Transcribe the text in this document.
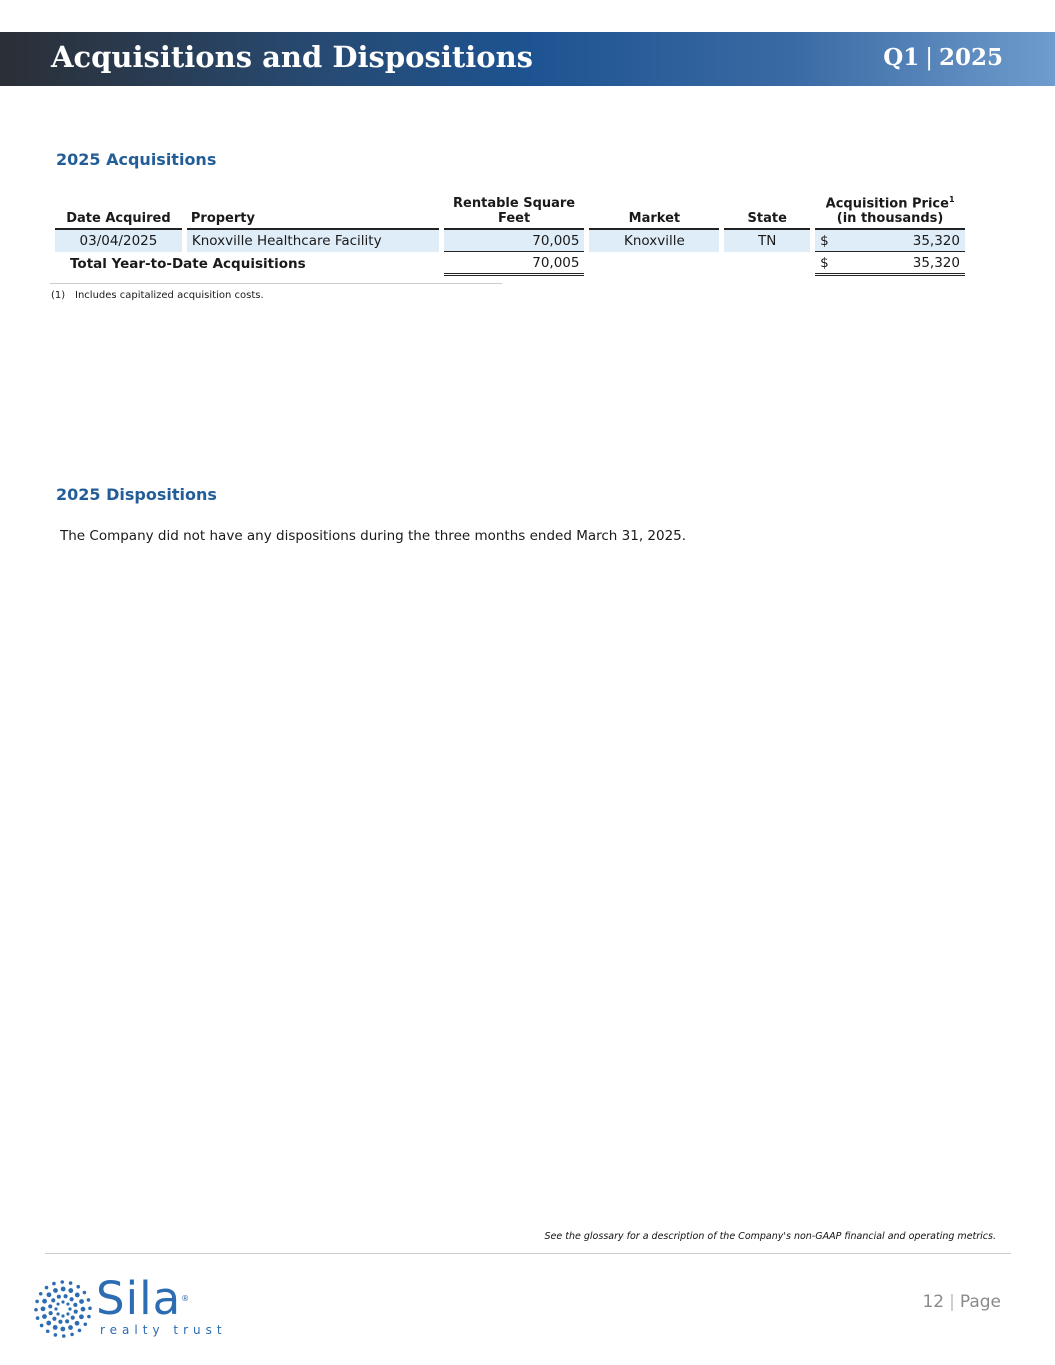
Acquisitions and Dispositions	Q1 | 2025
2025 Acquisitions
Date Acquired	Property	Rentable Square Feet	Market	State	Acquisition Price$^1$
(in thousands)
03/04/2025	Knoxville Healthcare Facility	70,005	Knoxville	TN	$ 35,320

Total Year-to-Date Acquisitions		70,005			$ 35,320
(1) Includes capitalized acquisition costs.
2025 Dispositions
The Company did not have any dispositions during the three months ended March 31, 2025.
See the glossary for a description of the Company's non-GAAP financial and operating metrics.
Sila®
realty trust
12 | Page
